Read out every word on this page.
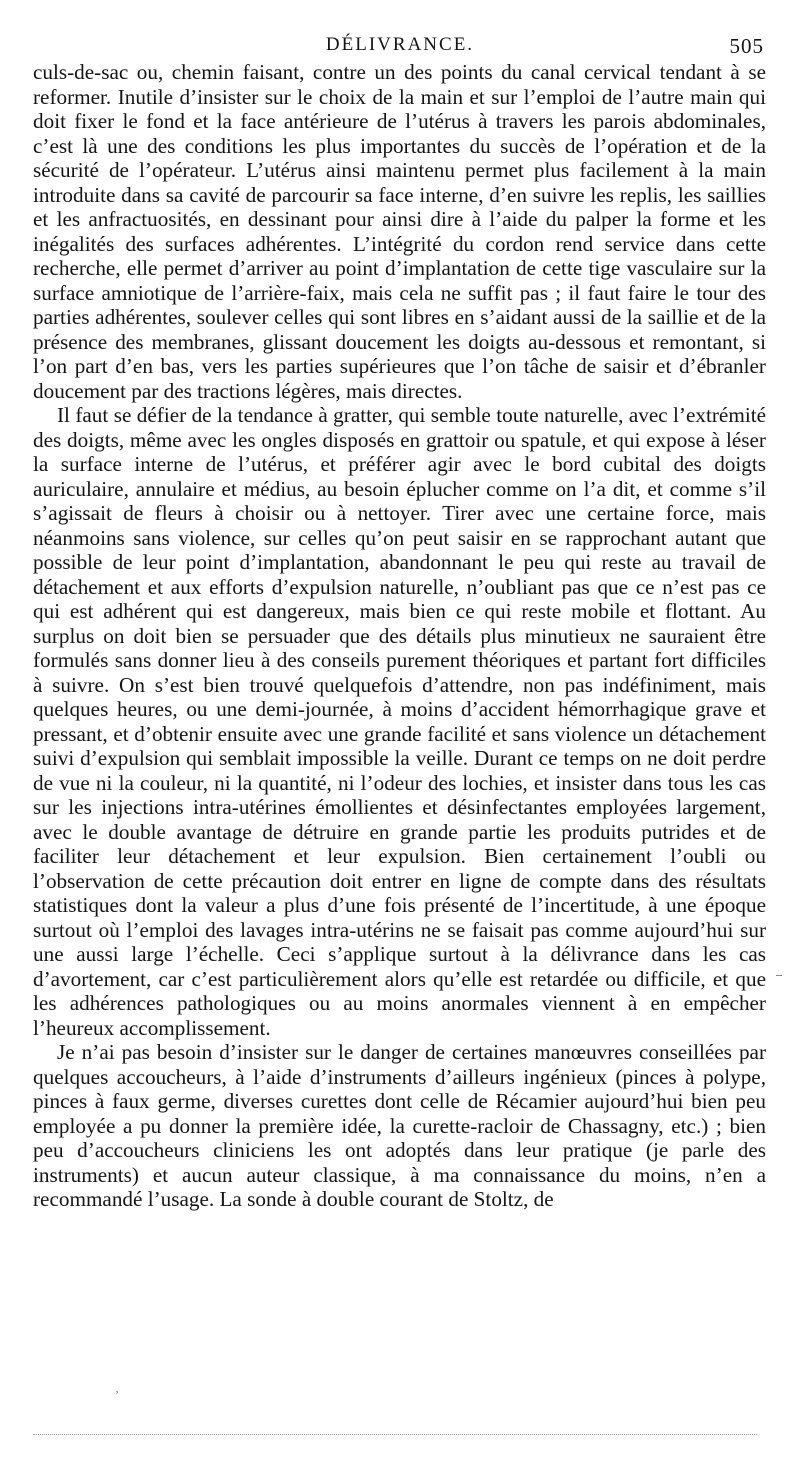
DÉLIVRANCE.	505

culs-de-sac ou, chemin faisant, contre un des points du canal cervical tendant à se reformer. Inutile d’insister sur le choix de la main et sur l’emploi de l’autre main qui doit fixer le fond et la face antérieure de l’utérus à travers les parois abdominales, c’est là une des conditions les plus importantes du succès de l’opération et de la sécurité de l’opérateur. L’utérus ainsi maintenu permet plus facilement à la main introduite dans sa cavité de parcourir sa face interne, d’en suivre les replis, les saillies et les anfractuosités, en dessinant pour ainsi dire à l’aide du palper la forme et les inégalités des surfaces adhérentes. L’intégrité du cordon rend service dans cette recherche, elle permet d’arriver au point d’implantation de cette tige vasculaire sur la surface amniotique de l’arrière-faix, mais cela ne suffit pas ; il faut faire le tour des parties adhérentes, soulever celles qui sont libres en s’aidant aussi de la saillie et de la présence des membranes, glissant doucement les doigts au-dessous et remontant, si l’on part d’en bas, vers les parties supérieures que l’on tâche de saisir et d’ébranler doucement par des tractions légères, mais directes.

Il faut se défier de la tendance à gratter, qui semble toute naturelle, avec l’extrémité des doigts, même avec les ongles disposés en grattoir ou spatule, et qui expose à léser la surface interne de l’utérus, et préférer agir avec le bord cubital des doigts auriculaire, annulaire et médius, au besoin éplucher comme on l’a dit, et comme s’il s’agissait de fleurs à choisir ou à nettoyer. Tirer avec une certaine force, mais néanmoins sans violence, sur celles qu’on peut saisir en se rapprochant autant que possible de leur point d’implantation, abandonnant le peu qui reste au travail de détachement et aux efforts d’expulsion naturelle, n’oubliant pas que ce n’est pas ce qui est adhérent qui est dangereux, mais bien ce qui reste mobile et flottant. Au surplus on doit bien se persuader que des détails plus minutieux ne sauraient être formulés sans donner lieu à des conseils purement théoriques et partant fort difficiles à suivre. On s’est bien trouvé quelquefois d’attendre, non pas indéfiniment, mais quelques heures, ou une demi-journée, à moins d’accident hémorrhagique grave et pressant, et d’obtenir ensuite avec une grande facilité et sans violence un détachement suivi d’expulsion qui semblait impossible la veille. Durant ce temps on ne doit perdre de vue ni la couleur, ni la quantité, ni l’odeur des lochies, et insister dans tous les cas sur les injections intra-utérines émollientes et désinfectantes employées largement, avec le double avantage de détruire en grande partie les produits putrides et de faciliter leur détachement et leur expulsion. Bien certainement l’oubli ou l’observation de cette précaution doit entrer en ligne de compte dans des résultats statistiques dont la valeur a plus d’une fois présenté de l’incertitude, à une époque surtout où l’emploi des lavages intra-utérins ne se faisait pas comme aujourd’hui sur une aussi large l’échelle. Ceci s’applique surtout à la délivrance dans les cas d’avortement, car c’est particulièrement alors qu’elle est retardée ou difficile, et que les adhérences pathologiques ou au moins anormales viennent à en empêcher l’heureux accomplissement.

Je n’ai pas besoin d’insister sur le danger de certaines manœuvres conseillées par quelques accoucheurs, à l’aide d’instruments d’ailleurs ingénieux (pinces à polype, pinces à faux germe, diverses curettes dont celle de Récamier aujourd’hui bien peu employée a pu donner la première idée, la curette-racloir de Chassagny, etc.) ; bien peu d’accoucheurs cliniciens les ont adoptés dans leur pratique (je parle des instruments) et aucun auteur classique, à ma connaissance du moins, n’en a recommandé l’usage. La sonde à double courant de Stoltz, de

‚
